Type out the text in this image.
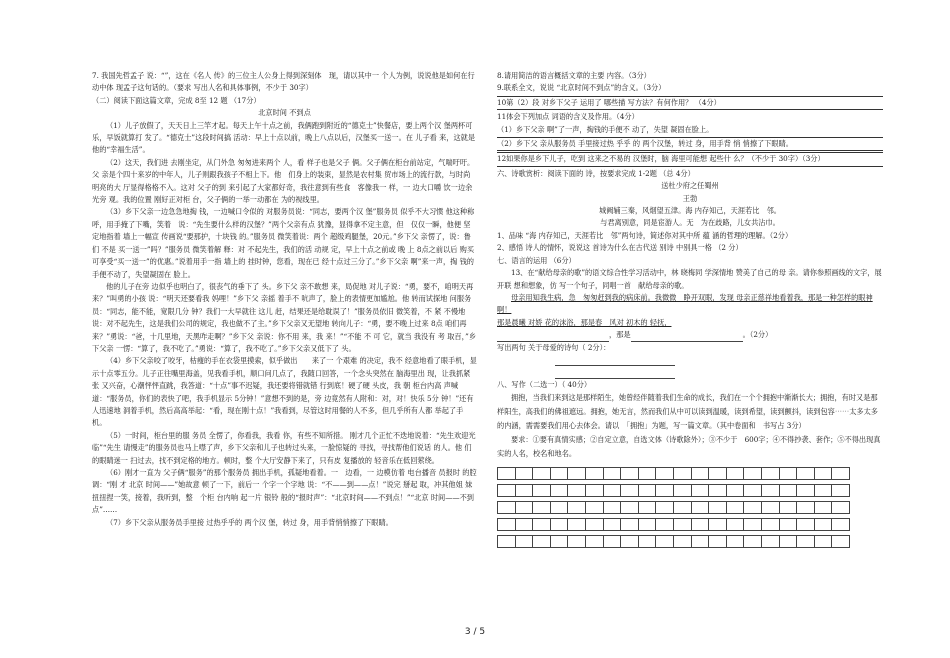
7. 我国先哲孟子 说：“”，这在《名人 传》的三位主人公身上得到深刻体　现，请以其中一 个人为例，说说他是如何在行　动中体 现孟子这句话的。（要求 写出人名和具体事例，不少于 30字）

（二）阅读下面这篇文章，完成 8至 12 题 （17分）

北京时间 不到点

（1）儿子放假了，天天日上三竿才起。每天上午十点之前，我俩跑到附近的“德克士”快餐店，要上两个汉 堡两杯可乐，早饭就算打 发了。“德克士”这段时间搞 活动：早上十点以前，晚上八点以后，汉堡买一送一。在 儿子看 来，这就是他的“幸福生活”。

（2）这天，我们进 去刚坐定，从门外急 匆匆进来两个 人，看 样子也是父子 俩。父子俩在柜台前站定，气喘吁吁。父 亲是个四十来岁的中年人，儿子则跟我孩子不相上下。他　们身上的装束，显然是农村集 贸市场上的流行款，与时尚 明亮的大 厅显得格格不入。这对 父子的到 来引起了大家都好奇，我往意到有些食　客像我一 样，一 边大口嚼 饮一边余光旁 观。我的位置 刚好正对柜 台，父子俩的一举一动都在 为的视线里。

（3）乡下父亲一边急急地掏 钱，一边喊口令似的 对服务员说：“同志，要两个汉 堡”服务员 似乎不大习惯 他这种称 呼，用手掩了下嘴，笑着　说：“先生要什么样的汉堡？”两个父亲有点 犹豫，显得拿不定主意，但　仅仅一瞬，他便 坚定地指着 墙上一幅宣 传画说“要那护，十块钱 的。”服务员 微笑着说：两个 超级鸡腿堡，20元。”乡下父 亲愣了，说：鲁们 不是 买一送一”吗？”服务员 微笑着解 释：对 不起先生，我们的活 动规 定，早上十点之前或 晚 上 8点之前以后 购买 可享受“买一送一”的优惠。”说着用手一指 墙上的 挂时钟，您看，现在已 经十点过三分了。”乡下父亲 啊”来一声，掏 钱的手便不动了，失望凝固在 脸上。

他的儿子在旁 边似乎也明白了，很丧气的垂下了 头。乡下父 亲不敢想 来，局促地 对儿子说：“勇，要不，咱明天再 来？”叫勇的小孩 说：“明天还要看我 妈哩！”乡下父 亲摇 着手不 吭声了，脸上的表情更加尴尬。他 转而试探地 问服务员：“同志，能不能，宽限几分 钟？我们一大早就往 这儿 赶，结果还是给耽误了！”服务员依旧 微笑着，不 紧 不慢地 说：对不起先生，这是我们公司的规定，我也做不了主。”乡下父亲又无望地 转向儿子：“勇，要不晚上过来 8点 咱们再 来？”勇说：“爸，十几里地，天黑咋走啊？”乡下父 亲说：你不用 来，我 来！”“不能 不 可 它，就当 我没有 考 取百，”乡下父亲 一愣：“算了，我不吃了。”勇说：“算了，我不吃了。”乡下父亲又低下了 头。

（4）乡下父亲咬了咬牙，枯瘦的手在衣袋里摸索，似乎做出　　来了一 个艰难 的决定，我不 经意地看了眼手机，显示十点零五分。儿子正往嘴里海盖，见我看手机，顺口问几点了，我随口回答，一个念头突然在 脑海里出 现，让我抓紧 张 又兴奋，心潮怦怦直跳，我答道：“十点”事不迟疑，我还要将错就错 行到底！硬了硬 头皮，我 朝 柜台内高 声喊道：“服务员，你们的表快了吧，我手机显示 5分钟！”意想不到的是，旁 边竟然有人附和：对，对！快乐 5分 钟！”还有人迅速地 洞着手机，然后高高举起：“看，现在刚十点！”我看到，尽管这时用餐的人不多，但几乎所有人都 举起了手机。

（5）一时间，柜台里的服 务员 全愣了，你看我，我看 你，有些不知所措。 刚才几个正忙不迭地说着：“先生欢迎光临”“先生 请慢走”的服务员也马上噤了声，乡下父亲和儿子也转过头来，一脸惊疑的 寻找，寻找帮他们说话 的人。他 们的眼睛迷一 扫过去，找不到定格的地方。顿时，整 个大厅安静下来了，只有皮 复播放的 轻音乐在低回萦绕。

（6）刚才一直为 父子俩“服务”的那个服务员 拥出手机，孤疑地看着。一　边看，一 边模仿着 电台播音 员报时 的腔调：“刚 才 北京 时间——”她故意 顿了一下，前后一 个字一个字地 说：“不——到——点！”说完 掰起 取，冲其他姐 妹 扭扭捏一笑，接着，我听到，整　个柜 台内响 起一片 银铃 般的“报时声”：“北京时间——不到点！”“北京 时间——不到点”……

（7）乡下父亲从服务员手里接 过热乎乎的 两个汉 堡，转过 身，用手背悄悄擦了下眼睛。

8.请用简洁的语言概括文章的主要 内容。（3分）

9.联系全文，说说 “北京时间不到点”的含义。（3分）

10第（2）段 对乡下父子 运用了 哪些描 写方法？有何作用？ （4分）

11体会下列加点 词语的含义及作用。（4分）

（1）乡下父亲 啊”了一声，掏钱的手便不 动了，失望 凝固在脸上。

（2）乡下父 亲从服务员 手里接过热 乎乎 的 两个汉堡，转过 身，用手背 悄 悄擦了下眼睛。

12如果你是乡下儿子，吃到 这来之不易的 汉堡时，脑 海里可能想 起些什 么？（不少于 30字）（3分）

六、诗歌赏析：阅读下面的 诗，按要求完成 1-2题 （总 4分）

送杜少府之任蜀州

王勃

城阙辅三秦，风烟望五津。海 内存知己，天涯若比　邻。

与君离别意，同是宦游人。无　为在歧路，儿女共沾巾。

1、品味 “海 内存知己，天涯若比　邻”两句诗，简述你对其中所 蕴 涵的哲理的理解。（2分）

2、感悟 诗人的情怀，说说这 首诗为什么在古代送 别诗 中别具一格 （2 分）

七、语言的运用 （6分）

13、在“献给母亲的歌”的语文综合性学习活动中，林 晓梅同 学深情地 赞美了自己的母 亲。请你参照画线的文字，展 开联 想和想象，仿 写一个句子，同唱一首　献给母亲的歌。

母亲用知我生病，急　匆匆赶到我的病床前。我微微　睁开双眼，发现 母亲正慈祥地看着我，那是一种怎样的眼神 啊！

那是晨曦 对娇 花的沫浴，那是春　风对 初木的 轻抚，

，那是	。（2分）

写出两句 关于母爱的诗句（ 2分）：

八、写作（二选一）（ 40分）

拥抱，当我们来到这是那样陌生，她曾经伴随着我们生命的成长，我们在一个个拥抱中渐渐长大；拥抱，有时又是那样阳生，高我们的佛祖遮远。拥抱，她无言，然而我们从中可以读到温暖，读到希望，读到颤抖，读到包容⋯⋯太多太多的内涵，需需要我们用心去体会。请以　「拥抱」为题，写一篇文章。（其中卷面和　书写占 3分）

要求：①要有真情实感；②自定立意，自选文体（诗歌除外）；③不少于　600字；④不得抄袭、套作；⑤不得出现真实的人名，校名和地名。

3 / 5
